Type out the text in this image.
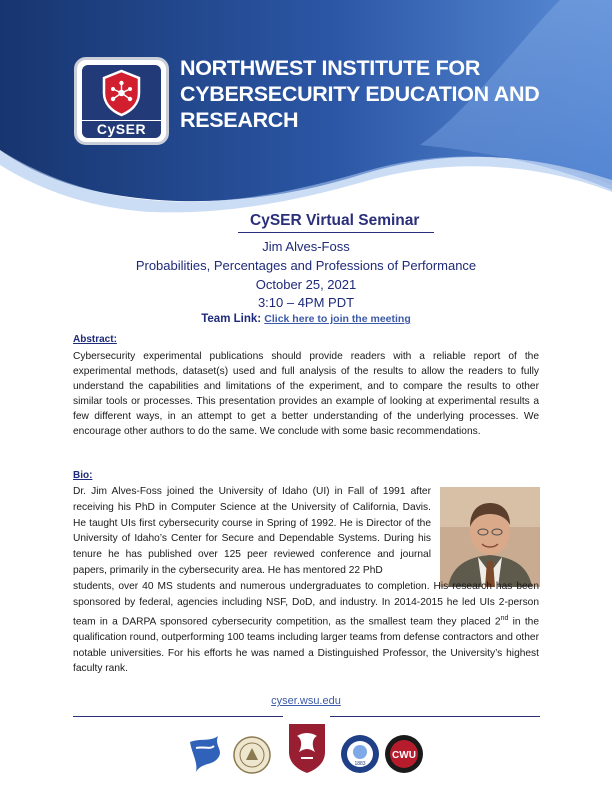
CySER
NORTHWEST INSTITUTE FOR
CYBERSECURITY EDUCATION AND
RESEARCH
CySER Virtual Seminar
Jim Alves-Foss
Probabilities, Percentages and Professions of Performance
October 25, 2021
3:10 – 4PM PDT
Team Link: Click here to join the meeting
Abstract:
Cybersecurity experimental publications should provide readers with a reliable report of the experimental methods, dataset(s) used and full analysis of the results to allow the readers to fully understand the capabilities and limitations of the experiment, and to compare the results to other similar tools or processes. This presentation provides an example of looking at experimental results a few different ways, in an attempt to get a better understanding of the underlying processes. We encourage other authors to do the same. We conclude with some basic recommendations.
Bio:
Dr. Jim Alves-Foss joined the University of Idaho (UI) in Fall of 1991 after receiving his PhD in Computer Science at the University of California, Davis. He taught UIs first cybersecurity course in Spring of 1992. He is Director of the University of Idaho’s Center for Secure and Dependable Systems. During his tenure he has published over 125 peer reviewed conference and journal papers, primarily in the cybersecurity area. He has mentored 22 PhD
students, over 40 MS students and numerous undergraduates to completion. His research has been sponsored by federal, agencies including NSF, DoD, and industry. In 2014-2015 he led UIs 2-person team in a DARPA sponsored cybersecurity competition, as the smallest team they placed 2nd in the qualification round, outperforming 100 teams including larger teams from defense contractors and other notable universities. For his efforts he was named a Distinguished Professor, the University’s highest faculty rank.
cyser.wsu.edu
1883
CWU
